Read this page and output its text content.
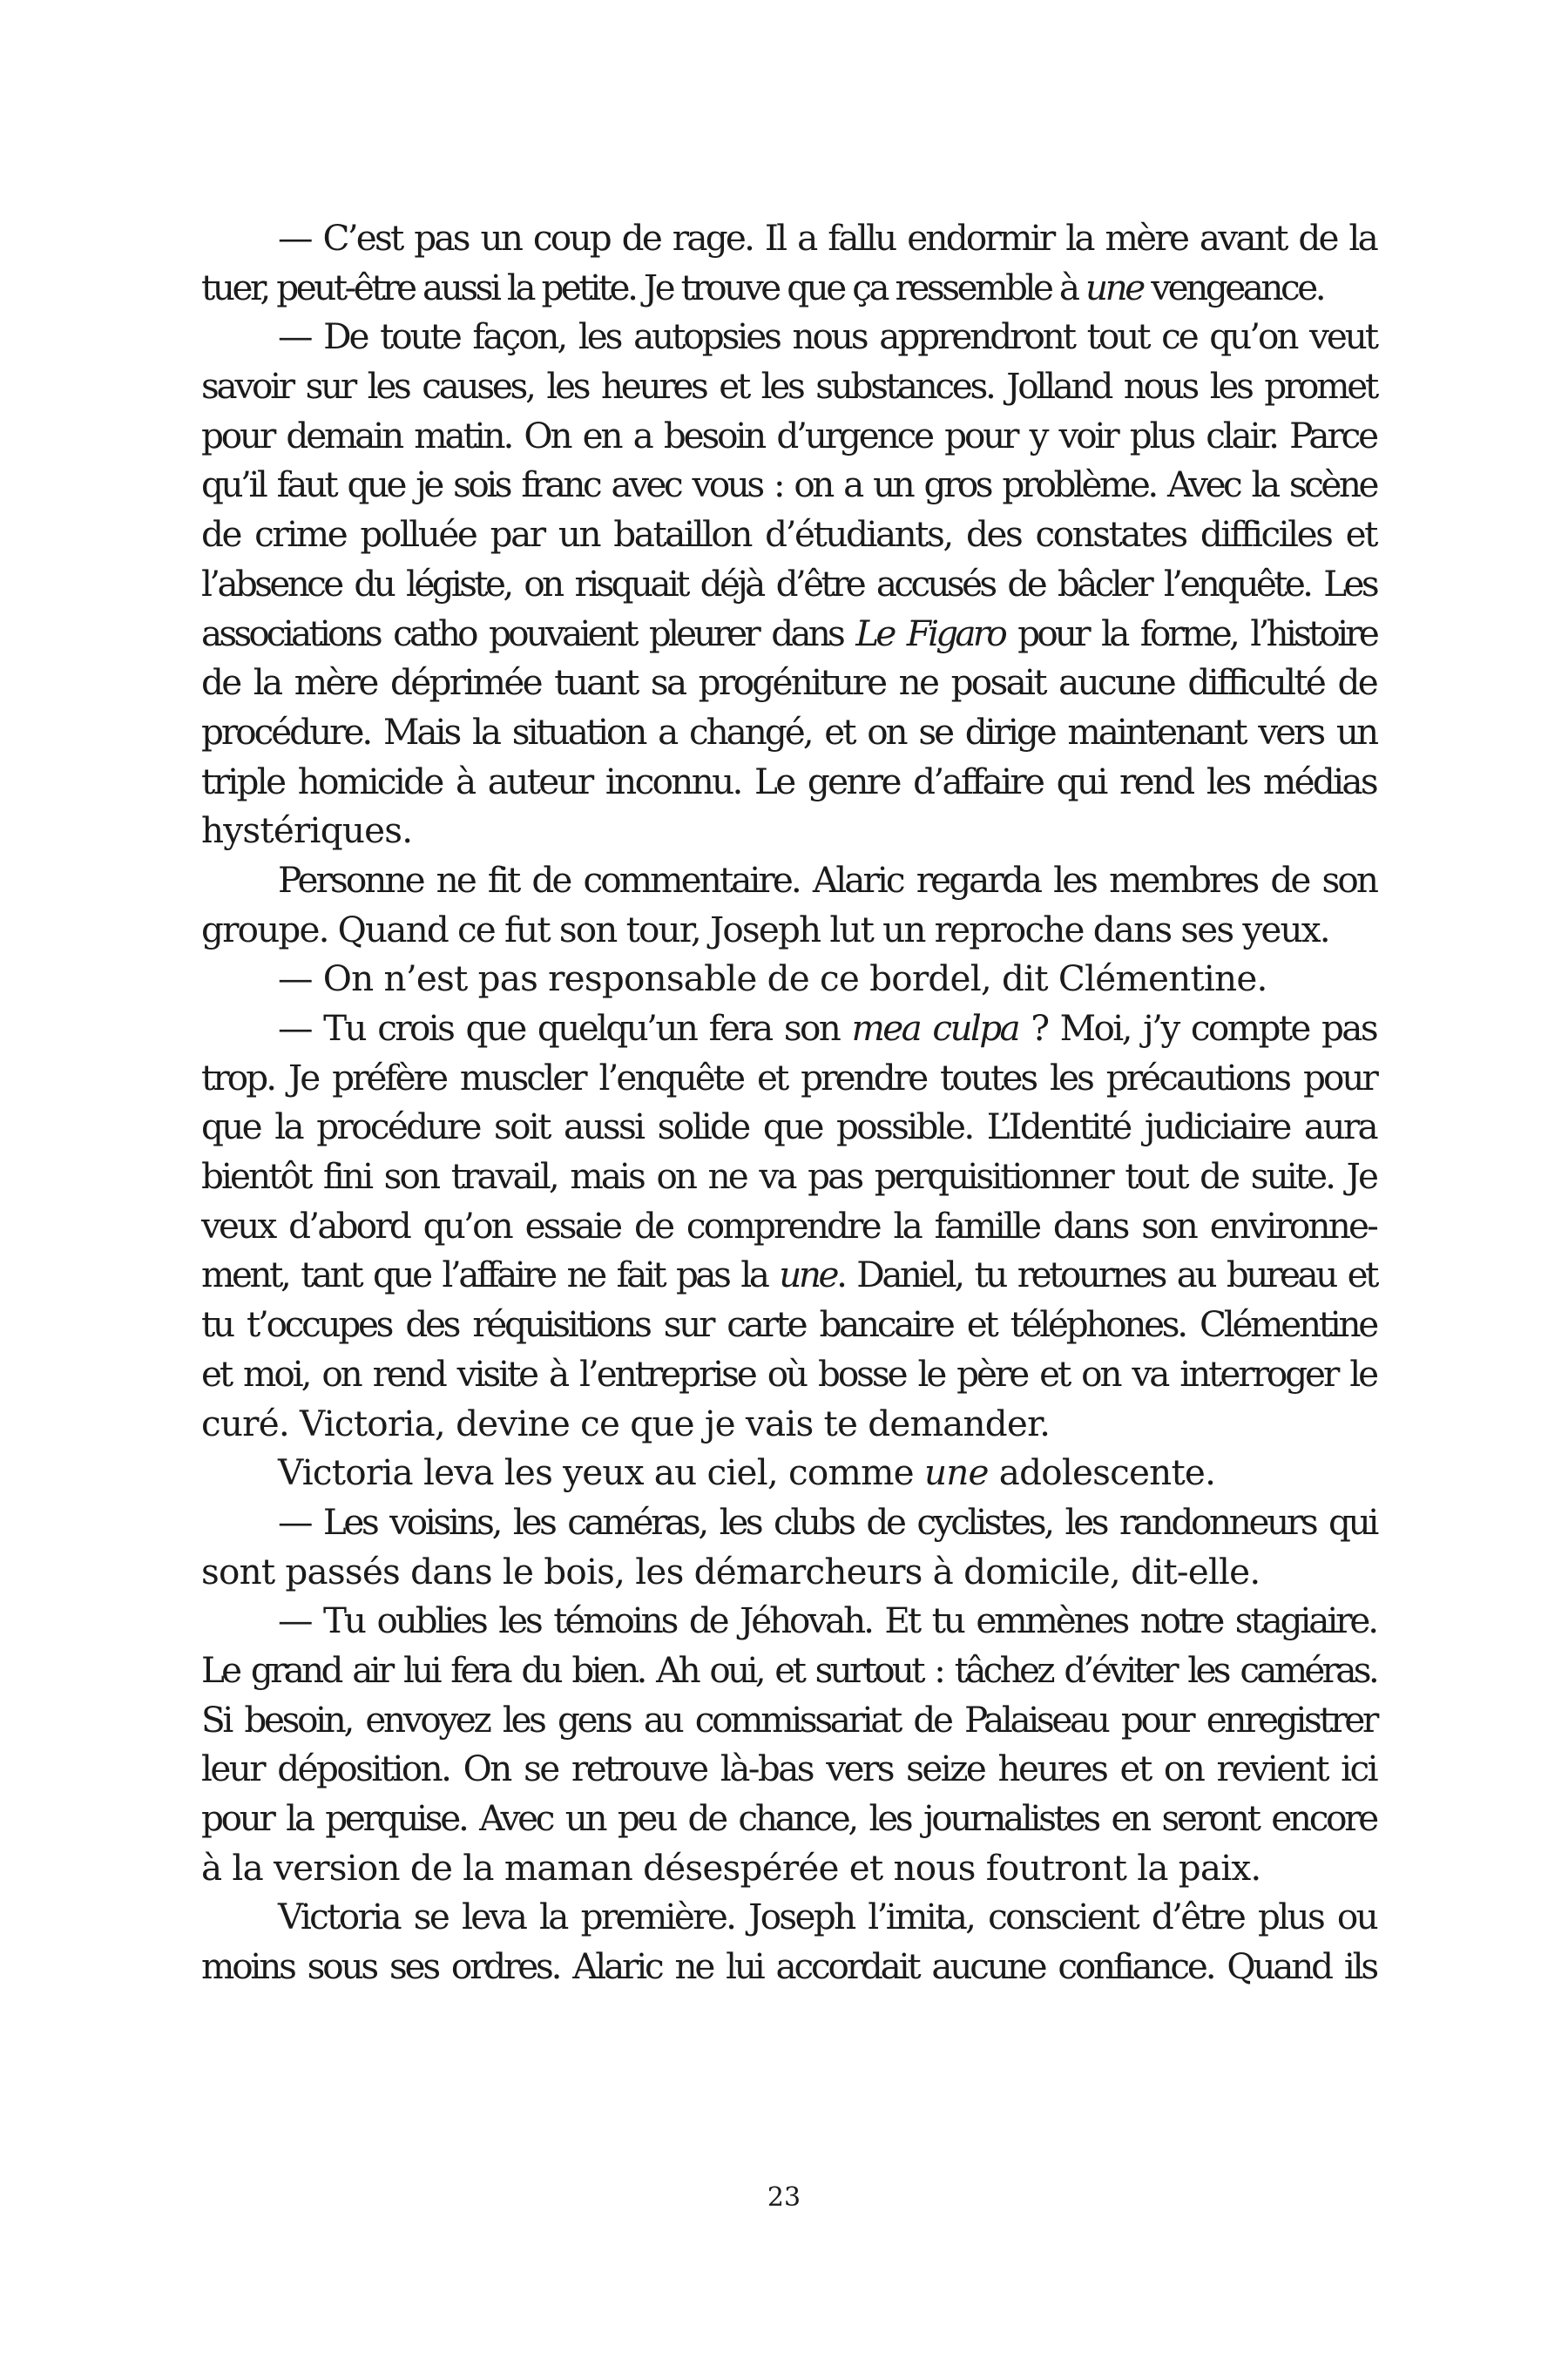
— C’est pas un coup de rage. Il a fallu endormir la mère avant de la
tuer, peut-être aussi la petite. Je trouve que ça ressemble à une vengeance.
— De toute façon, les autopsies nous apprendront tout ce qu’on veut
savoir sur les causes, les heures et les substances. Jolland nous les promet
pour demain matin. On en a besoin d’urgence pour y voir plus clair. Parce
qu’il faut que je sois franc avec vous : on a un gros problème. Avec la scène
de crime polluée par un bataillon d’étudiants, des constates difficiles et
l’absence du légiste, on risquait déjà d’être accusés de bâcler l’enquête. Les
associations catho pouvaient pleurer dans Le Figaro pour la forme, l’histoire
de la mère déprimée tuant sa progéniture ne posait aucune difficulté de
procédure. Mais la situation a changé, et on se dirige maintenant vers un
triple homicide à auteur inconnu. Le genre d’affaire qui rend les médias
hystériques.
Personne ne fit de commentaire. Alaric regarda les membres de son
groupe. Quand ce fut son tour, Joseph lut un reproche dans ses yeux.
— On n’est pas responsable de ce bordel, dit Clémentine.
— Tu crois que quelqu’un fera son mea culpa ? Moi, j’y compte pas
trop. Je préfère muscler l’enquête et prendre toutes les précautions pour
que la procédure soit aussi solide que possible. L’Identité judiciaire aura
bientôt fini son travail, mais on ne va pas perquisitionner tout de suite. Je
veux d’abord qu’on essaie de comprendre la famille dans son environne-
ment, tant que l’affaire ne fait pas la une. Daniel, tu retournes au bureau et
tu t’occupes des réquisitions sur carte bancaire et téléphones. Clémentine
et moi, on rend visite à l’entreprise où bosse le père et on va interroger le
curé. Victoria, devine ce que je vais te demander.
Victoria leva les yeux au ciel, comme une adolescente.
— Les voisins, les caméras, les clubs de cyclistes, les randonneurs qui
sont passés dans le bois, les démarcheurs à domicile, dit-elle.
— Tu oublies les témoins de Jéhovah. Et tu emmènes notre stagiaire.
Le grand air lui fera du bien. Ah oui, et surtout : tâchez d’éviter les caméras.
Si besoin, envoyez les gens au commissariat de Palaiseau pour enregistrer
leur déposition. On se retrouve là-bas vers seize heures et on revient ici
pour la perquise. Avec un peu de chance, les journalistes en seront encore
à la version de la maman désespérée et nous foutront la paix.
Victoria se leva la première. Joseph l’imita, conscient d’être plus ou
moins sous ses ordres. Alaric ne lui accordait aucune confiance. Quand ils
23
